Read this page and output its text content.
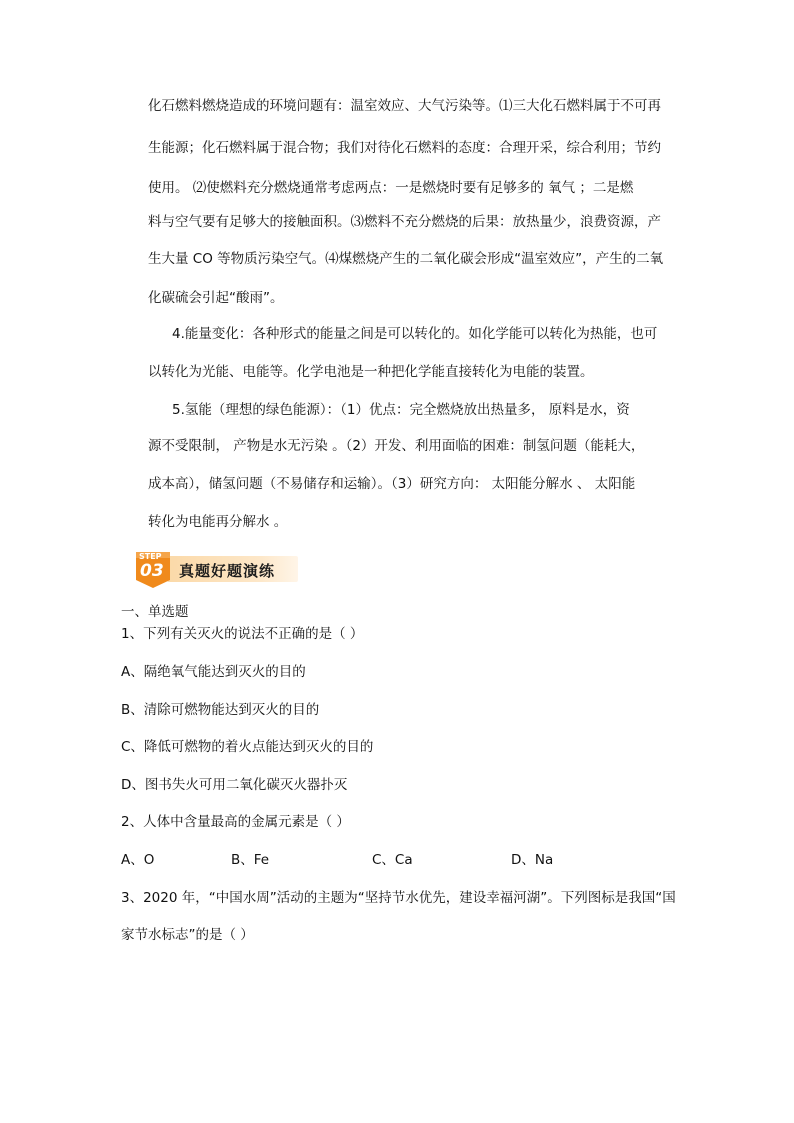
化石燃料燃烧造成的环境问题有：温室效应、大气污染等。⑴三大化石燃料属于不可再
生能源；化石燃料属于混合物；我们对待化石燃料的态度：合理开采，综合利用；节约
使用。 ⑵使燃料充分燃烧通常考虑两点：一是燃烧时要有足够多的 氧气 ；二是燃
料与空气要有足够大的接触面积。⑶燃料不充分燃烧的后果：放热量少，浪费资源，产
生大量 CO 等物质污染空气。⑷煤燃烧产生的二氧化碳会形成“温室效应”，产生的二氧
化碳硫会引起“酸雨”。
4.能量变化：各种形式的能量之间是可以转化的。如化学能可以转化为热能，也可
以转化为光能、电能等。化学电池是一种把化学能直接转化为电能的装置。
5.氢能（理想的绿色能源）：（1）优点：完全燃烧放出热量多， 原料是水，资
源不受限制， 产物是水无污染 。（2）开发、利用面临的困难：制氢问题（能耗大，
成本高），储氢问题（不易储存和运输）。（3）研究方向： 太阳能分解水 、 太阳能
转化为电能再分解水 。
STEP
03 真题好题演练
一、单选题
1、下列有关灭火的说法不正确的是（ ）
A、隔绝氧气能达到灭火的目的
B、清除可燃物能达到灭火的目的
C、降低可燃物的着火点能达到灭火的目的
D、图书失火可用二氧化碳灭火器扑灭
2、人体中含量最高的金属元素是（ ）
A、O	B、Fe	C、Ca	D、Na
3、2020 年，“中国水周”活动的主题为“坚持节水优先，建设幸福河湖”。下列图标是我国“国
家节水标志”的是（ ）
